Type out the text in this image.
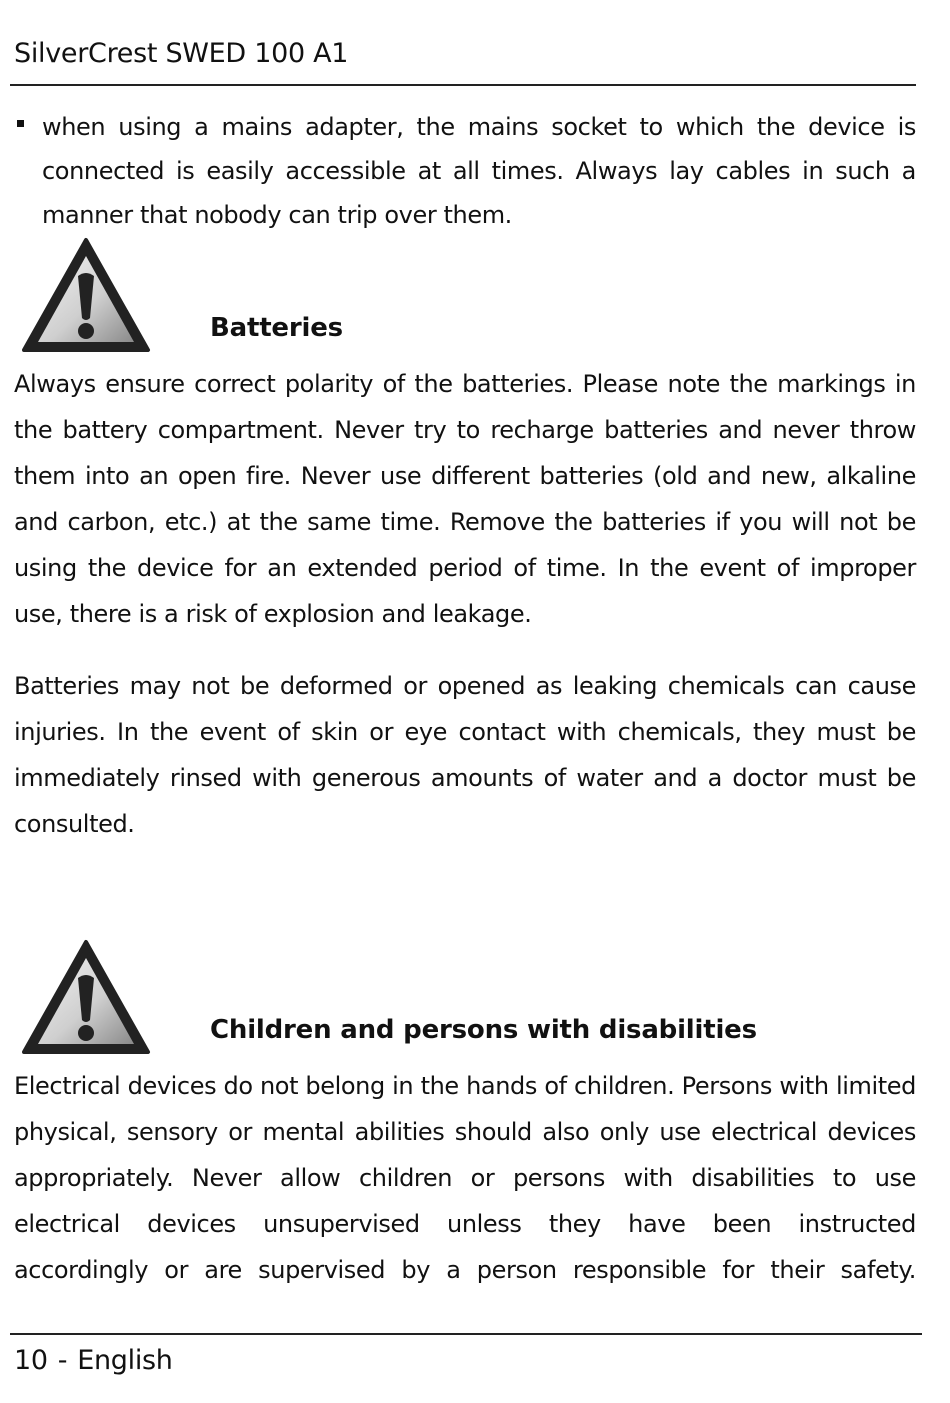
SilverCrest SWED 100 A1

when using a mains adapter, the mains socket to which the device is connected is easily accessible at all times. Always lay cables in such a manner that nobody can trip over them.

Batteries

Always ensure correct polarity of the batteries. Please note the markings in the battery compartment. Never try to recharge batteries and never throw them into an open fire. Never use different batteries (old and new, alkaline and carbon, etc.) at the same time. Remove the batteries if you will not be using the device for an extended period of time. In the event of improper use, there is a risk of explosion and leakage.

Batteries may not be deformed or opened as leaking chemicals can cause injuries. In the event of skin or eye contact with chemicals, they must be immediately rinsed with generous amounts of water and a doctor must be consulted.

Children and persons with disabilities

Electrical devices do not belong in the hands of children. Persons with limited physical, sensory or mental abilities should also only use electrical devices appropriately. Never allow children or persons with disabilities to use electrical devices unsupervised unless they have been instructed accordingly or are supervised by a person responsible for their safety.

10 - English
